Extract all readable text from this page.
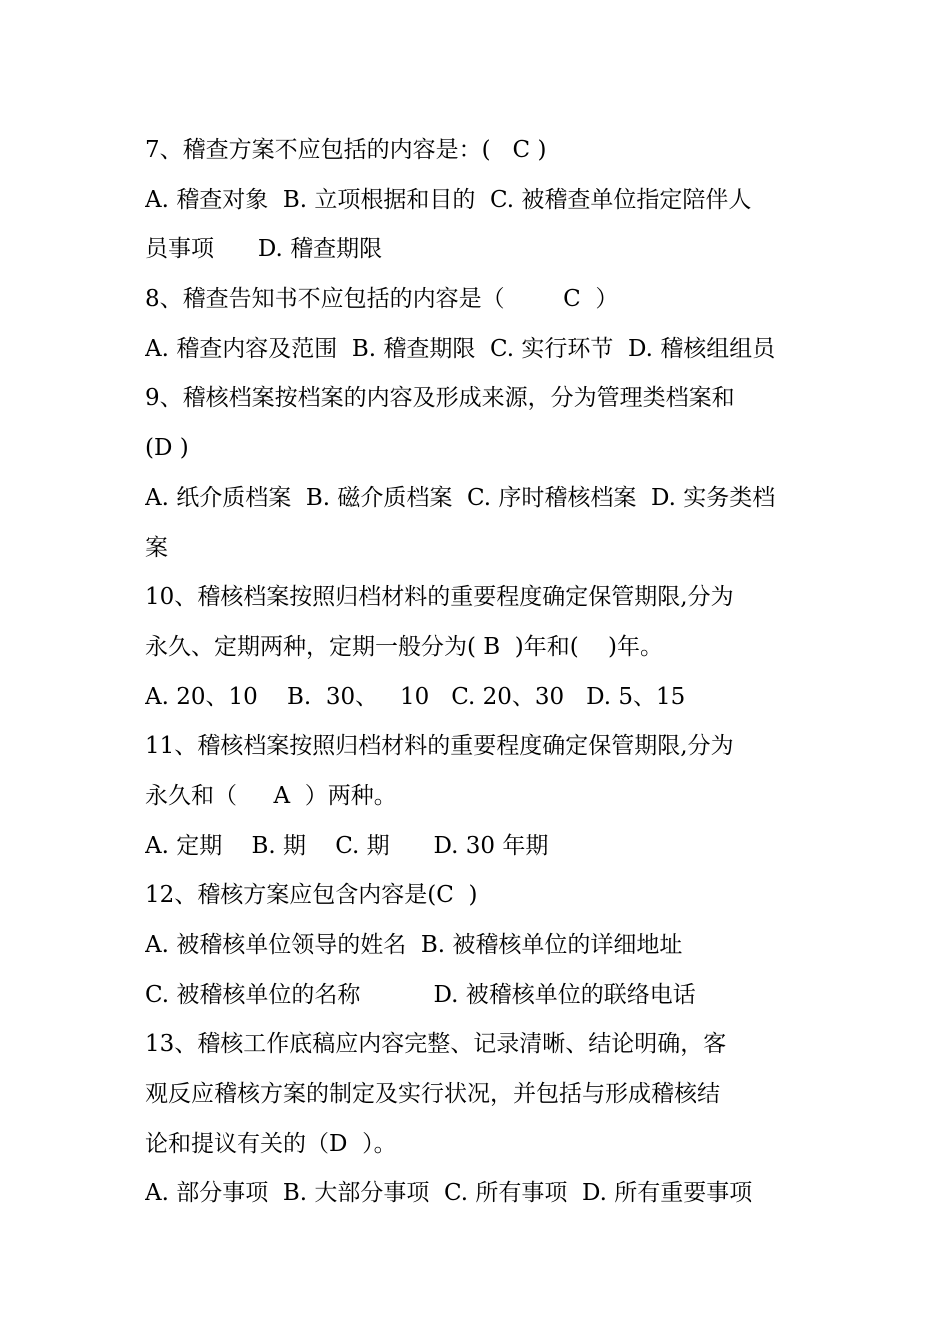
7、稽查方案不应包括的内容是：(   C )
A. 稽查对象  B. 立项根据和目的  C. 被稽查单位指定陪伴人
员事项      D. 稽查期限
8、稽查告知书不应包括的内容是（        C  ）
A. 稽查内容及范围  B. 稽查期限  C. 实行环节  D. 稽核组组员
9、稽核档案按档案的内容及形成来源，分为管理类档案和
(D )
A. 纸介质档案  B. 磁介质档案  C. 序时稽核档案  D. 实务类档
案
10、稽核档案按照归档材料的重要程度确定保管期限,分为
永久、定期两种，定期一般分为( B  )年和(    )年。
A. 20、10    B.  30、   10   C. 20、30   D. 5、15
11、稽核档案按照归档材料的重要程度确定保管期限,分为
永久和（     A  ）两种。
A. 定期    B. 期    C. 期      D. 30 年期
12、稽核方案应包含内容是(C  )
A. 被稽核单位领导的姓名  B. 被稽核单位的详细地址
C. 被稽核单位的名称          D. 被稽核单位的联络电话
13、稽核工作底稿应内容完整、记录清晰、结论明确，客
观反应稽核方案的制定及实行状况，并包括与形成稽核结
论和提议有关的（D  ）。
A. 部分事项  B. 大部分事项  C. 所有事项  D. 所有重要事项
